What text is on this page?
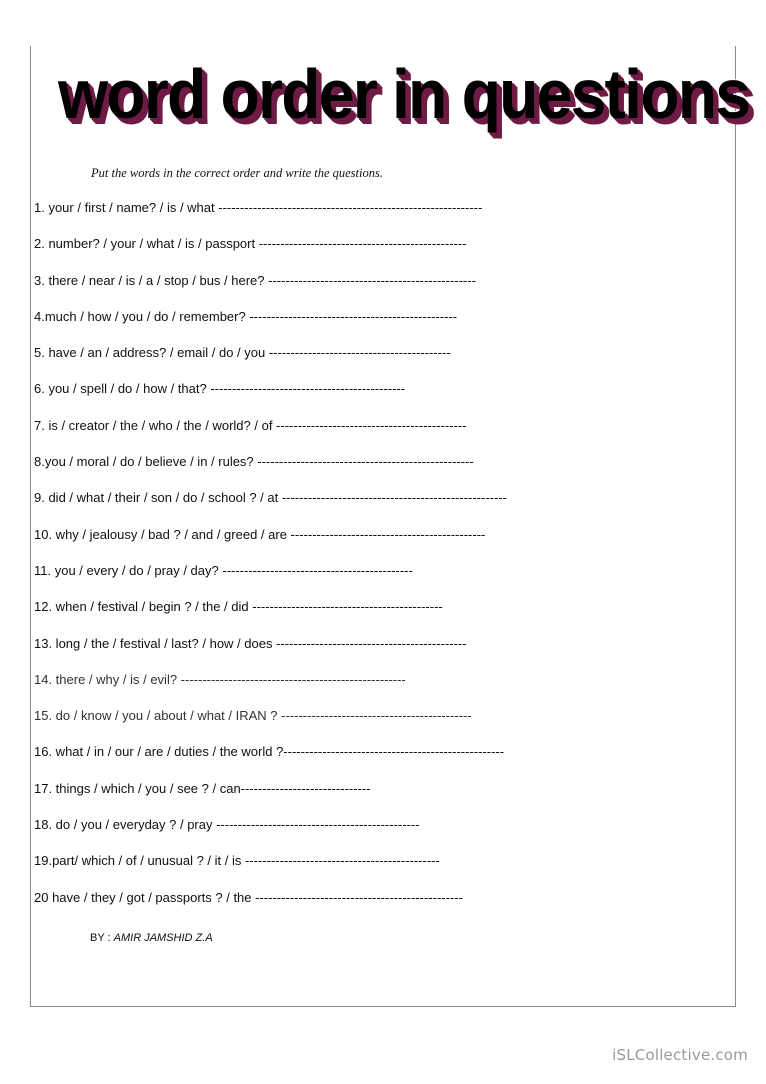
word order in questions
Put the words in the correct order and write the questions.
1. your / first / name? / is / what -------------------------------------------------------------
2. number? / your / what / is / passport ------------------------------------------------
3. there / near / is / a / stop / bus / here? ------------------------------------------------
4.much / how / you / do / remember? ------------------------------------------------
5. have / an / address? / email / do / you ------------------------------------------
6. you / spell / do / how / that? ---------------------------------------------
7. is / creator / the / who / the / world? / of --------------------------------------------
8.you / moral / do / believe / in / rules? --------------------------------------------------
9. did / what / their / son / do / school ? / at ----------------------------------------------------
10. why / jealousy / bad ? / and / greed / are ---------------------------------------------
11. you / every / do / pray / day? --------------------------------------------
12. when / festival / begin ? / the / did --------------------------------------------
13. long / the / festival / last? / how / does --------------------------------------------
14. there / why / is / evil? ----------------------------------------------------
15. do / know / you / about / what / IRAN ? --------------------------------------------
16. what / in / our / are / duties / the world ?---------------------------------------------------
17. things / which / you / see ? / can------------------------------
18. do / you / everyday ? / pray -----------------------------------------------
19.part/ which / of / unusual ? / it / is ---------------------------------------------
20 have / they / got / passports ? / the ------------------------------------------------
BY : AMIR JAMSHID Z.A
iSLCollective.com
